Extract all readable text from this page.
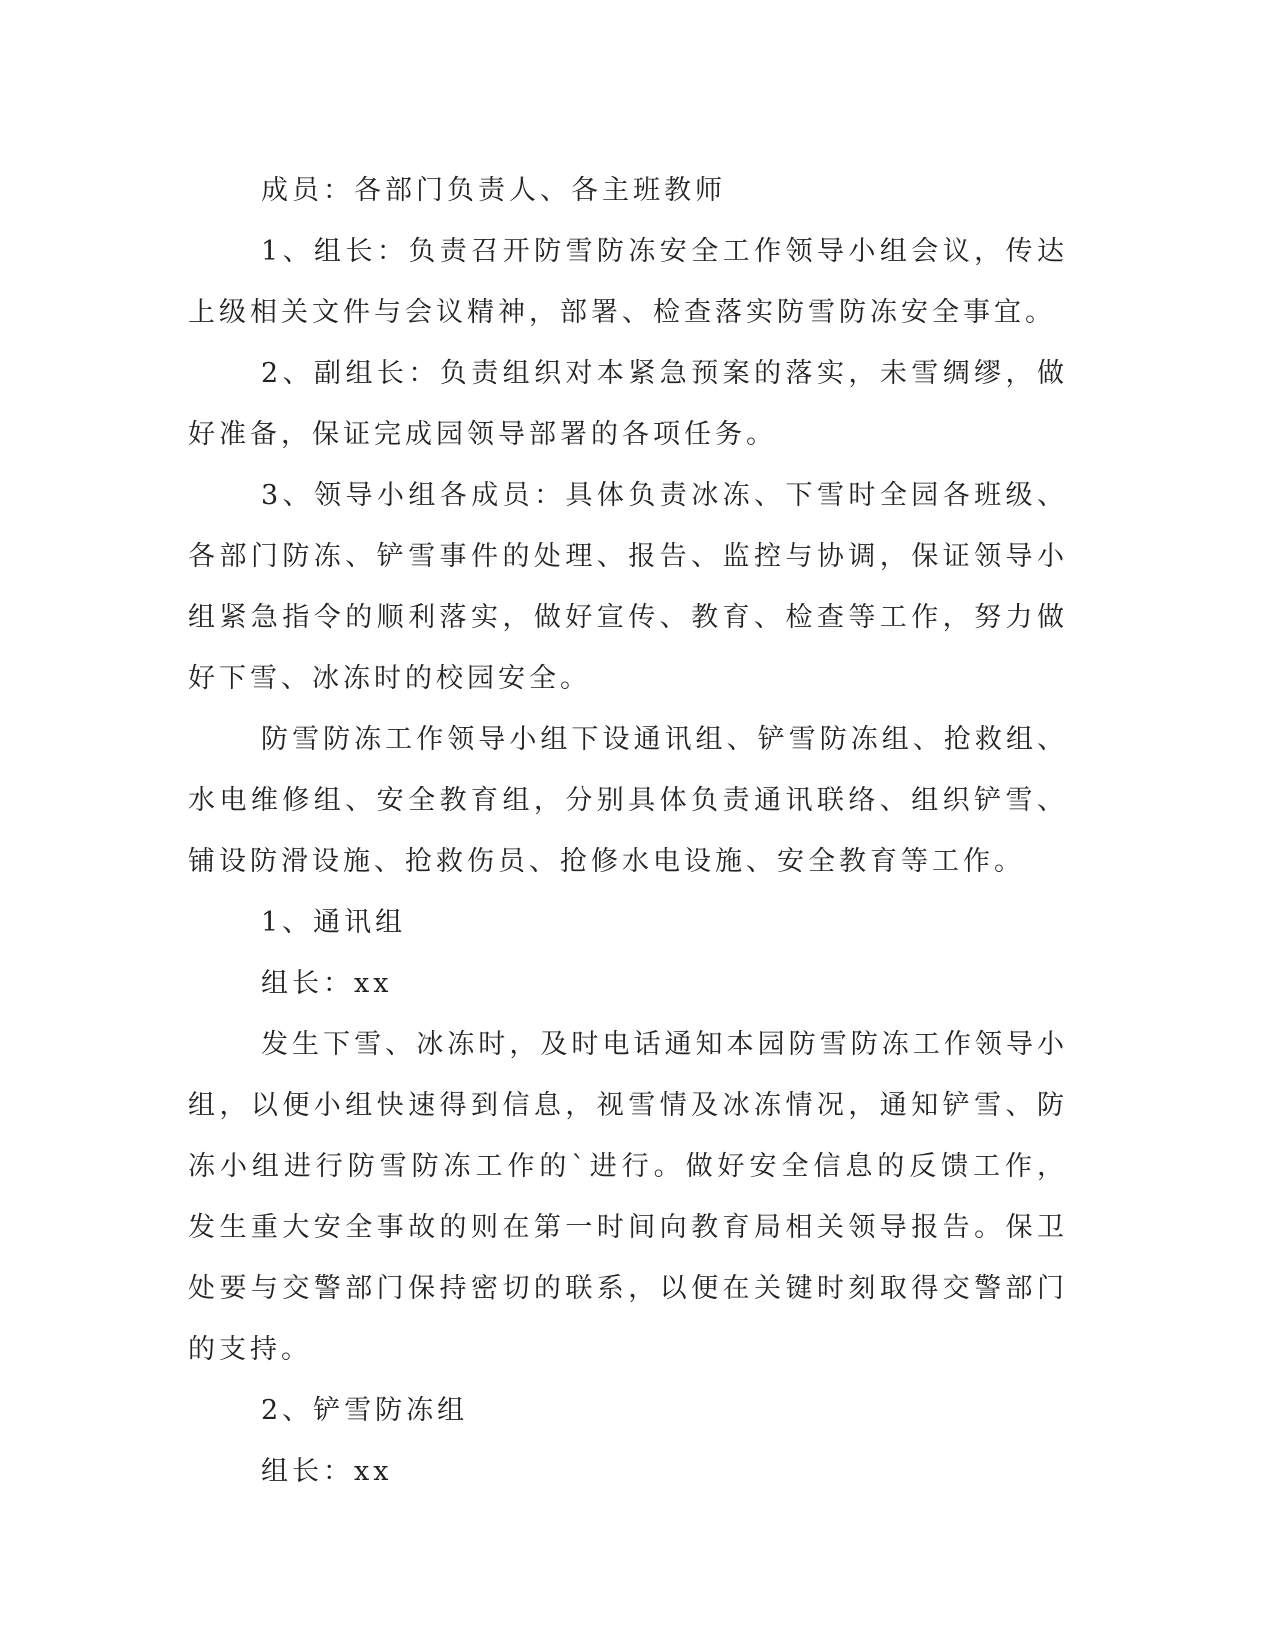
成员：各部门负责人、各主班教师

1、组长：负责召开防雪防冻安全工作领导小组会议，传达上级相关文件与会议精神，部署、检查落实防雪防冻安全事宜。

2、副组长：负责组织对本紧急预案的落实，未雪绸缪，做好准备，保证完成园领导部署的各项任务。

3、领导小组各成员：具体负责冰冻、下雪时全园各班级、各部门防冻、铲雪事件的处理、报告、监控与协调，保证领导小组紧急指令的顺利落实，做好宣传、教育、检查等工作，努力做好下雪、冰冻时的校园安全。

防雪防冻工作领导小组下设通讯组、铲雪防冻组、抢救组、水电维修组、安全教育组，分别具体负责通讯联络、组织铲雪、铺设防滑设施、抢救伤员、抢修水电设施、安全教育等工作。

1、通讯组

组长：xx

发生下雪、冰冻时，及时电话通知本园防雪防冻工作领导小组，以便小组快速得到信息，视雪情及冰冻情况，通知铲雪、防冻小组进行防雪防冻工作的`进行。做好安全信息的反馈工作，发生重大安全事故的则在第一时间向教育局相关领导报告。保卫处要与交警部门保持密切的联系，以便在关键时刻取得交警部门的支持。

2、铲雪防冻组

组长：xx
